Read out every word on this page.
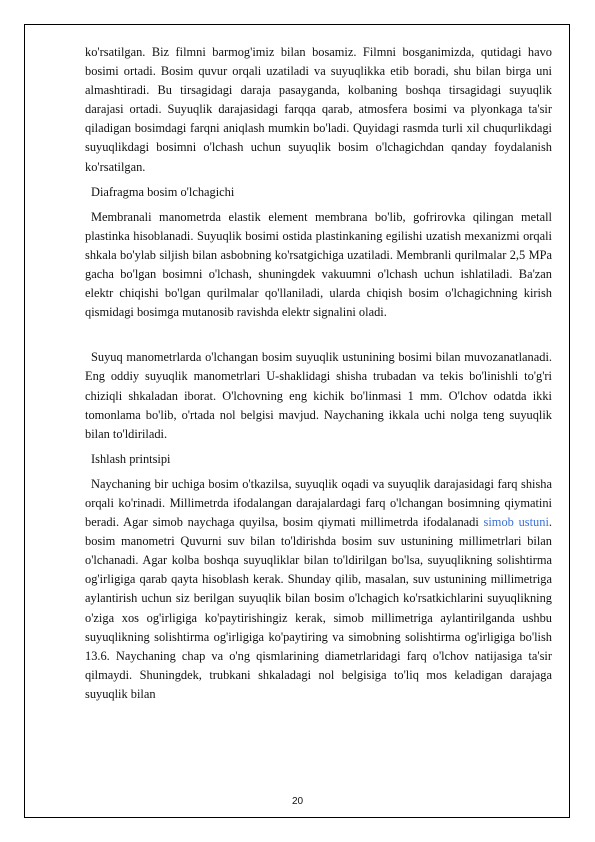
ko'rsatilgan. Biz filmni barmog'imiz bilan bosamiz. Filmni bosganimizda, qutidagi havo bosimi ortadi. Bosim quvur orqali uzatiladi va suyuqlikka etib boradi, shu bilan birga uni almashtiradi. Bu tirsagidagi daraja pasayganda, kolbaning boshqa tirsagidagi suyuqlik darajasi ortadi. Suyuqlik darajasidagi farqqa qarab, atmosfera bosimi va plyonkaga ta'sir qiladigan bosimdagi farqni aniqlash mumkin bo'ladi. Quyidagi rasmda turli xil chuqurlikdagi suyuqlikdagi bosimni o'lchash uchun suyuqlik bosim o'lchagichdan qanday foydalanish ko'rsatilgan.

Diafragma bosim o'lchagichi

Membranali manometrda elastik element membrana bo'lib, gofrirovka qilingan metall plastinka hisoblanadi. Suyuqlik bosimi ostida plastinkaning egilishi uzatish mexanizmi orqali shkala bo'ylab siljish bilan asbobning ko'rsatgichiga uzatiladi. Membranli qurilmalar 2,5 MPa gacha bo'lgan bosimni o'lchash, shuningdek vakuumni o'lchash uchun ishlatiladi. Ba'zan elektr chiqishi bo'lgan qurilmalar qo'llaniladi, ularda chiqish bosim o'lchagichning kirish qismidagi bosimga mutanosib ravishda elektr signalini oladi.

Suyuq manometrlarda o'lchangan bosim suyuqlik ustunining bosimi bilan muvozanatlanadi. Eng oddiy suyuqlik manometrlari U-shaklidagi shisha trubadan va tekis bo'linishli to'g'ri chiziqli shkaladan iborat. O'lchovning eng kichik bo'linmasi 1 mm. O'lchov odatda ikki tomonlama bo'lib, o'rtada nol belgisi mavjud. Naychaning ikkala uchi nolga teng suyuqlik bilan to'ldiriladi.

Ishlash printsipi

Naychaning bir uchiga bosim o'tkazilsa, suyuqlik oqadi va suyuqlik darajasidagi farq shisha orqali ko'rinadi. Millimetrda ifodalangan darajalardagi farq o'lchangan bosimning qiymatini beradi. Agar simob naychaga quyilsa, bosim qiymati millimetrda ifodalanadi simob ustuni. bosim manometri Quvurni suv bilan to'ldirishda bosim suv ustunining millimetrlari bilan o'lchanadi. Agar kolba boshqa suyuqliklar bilan to'ldirilgan bo'lsa, suyuqlikning solishtirma og'irligiga qarab qayta hisoblash kerak. Shunday qilib, masalan, suv ustunining millimetriga aylantirish uchun siz berilgan suyuqlik bilan bosim o'lchagich ko'rsatkichlarini suyuqlikning o'ziga xos og'irligiga ko'paytirishingiz kerak, simob millimetriga aylantirilganda ushbu suyuqlikning solishtirma og'irligiga ko'paytiring va simobning solishtirma og'irligiga bo'lish 13.6. Naychaning chap va o'ng qismlarining diametrlaridagi farq o'lchov natijasiga ta'sir qilmaydi. Shuningdek, trubkani shkaladagi nol belgisiga to'liq mos keladigan darajaga suyuqlik bilan

20
